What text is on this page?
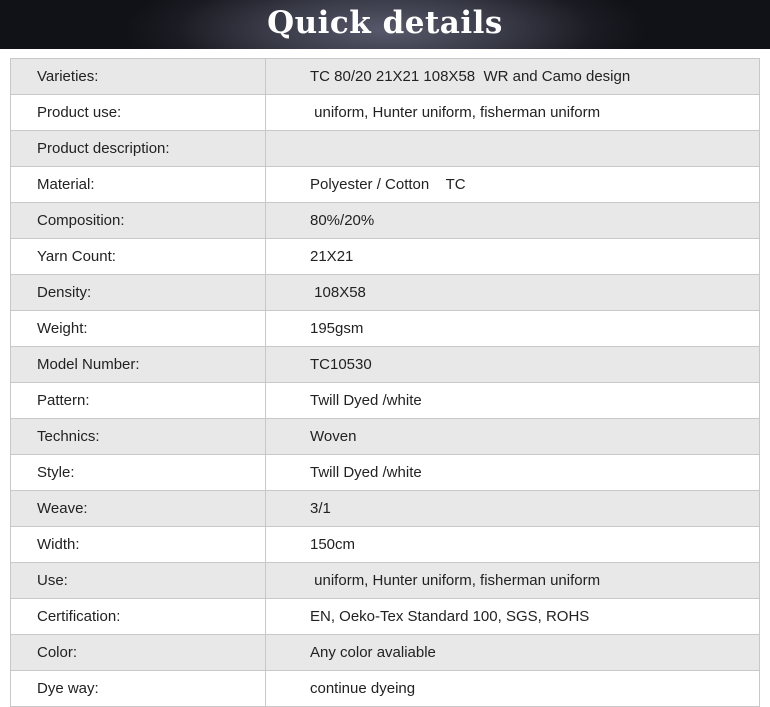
Quick details
Varieties:	TC 80/20 21X21 108X58  WR and Camo design
Product use:	uniform, Hunter uniform, fisherman uniform
Product description:	
Material:	Polyester / Cotton    TC
Composition:	80%/20%
Yarn Count:	21X21
Density:	108X58
Weight:	195gsm
Model Number:	TC10530
Pattern:	Twill Dyed /white
Technics:	Woven
Style:	Twill Dyed /white
Weave:	3/1
Width:	150cm
Use:	uniform, Hunter uniform, fisherman uniform
Certification:	EN, Oeko-Tex Standard 100, SGS, ROHS
Color:	Any color avaliable
Dye way:	continue dyeing
